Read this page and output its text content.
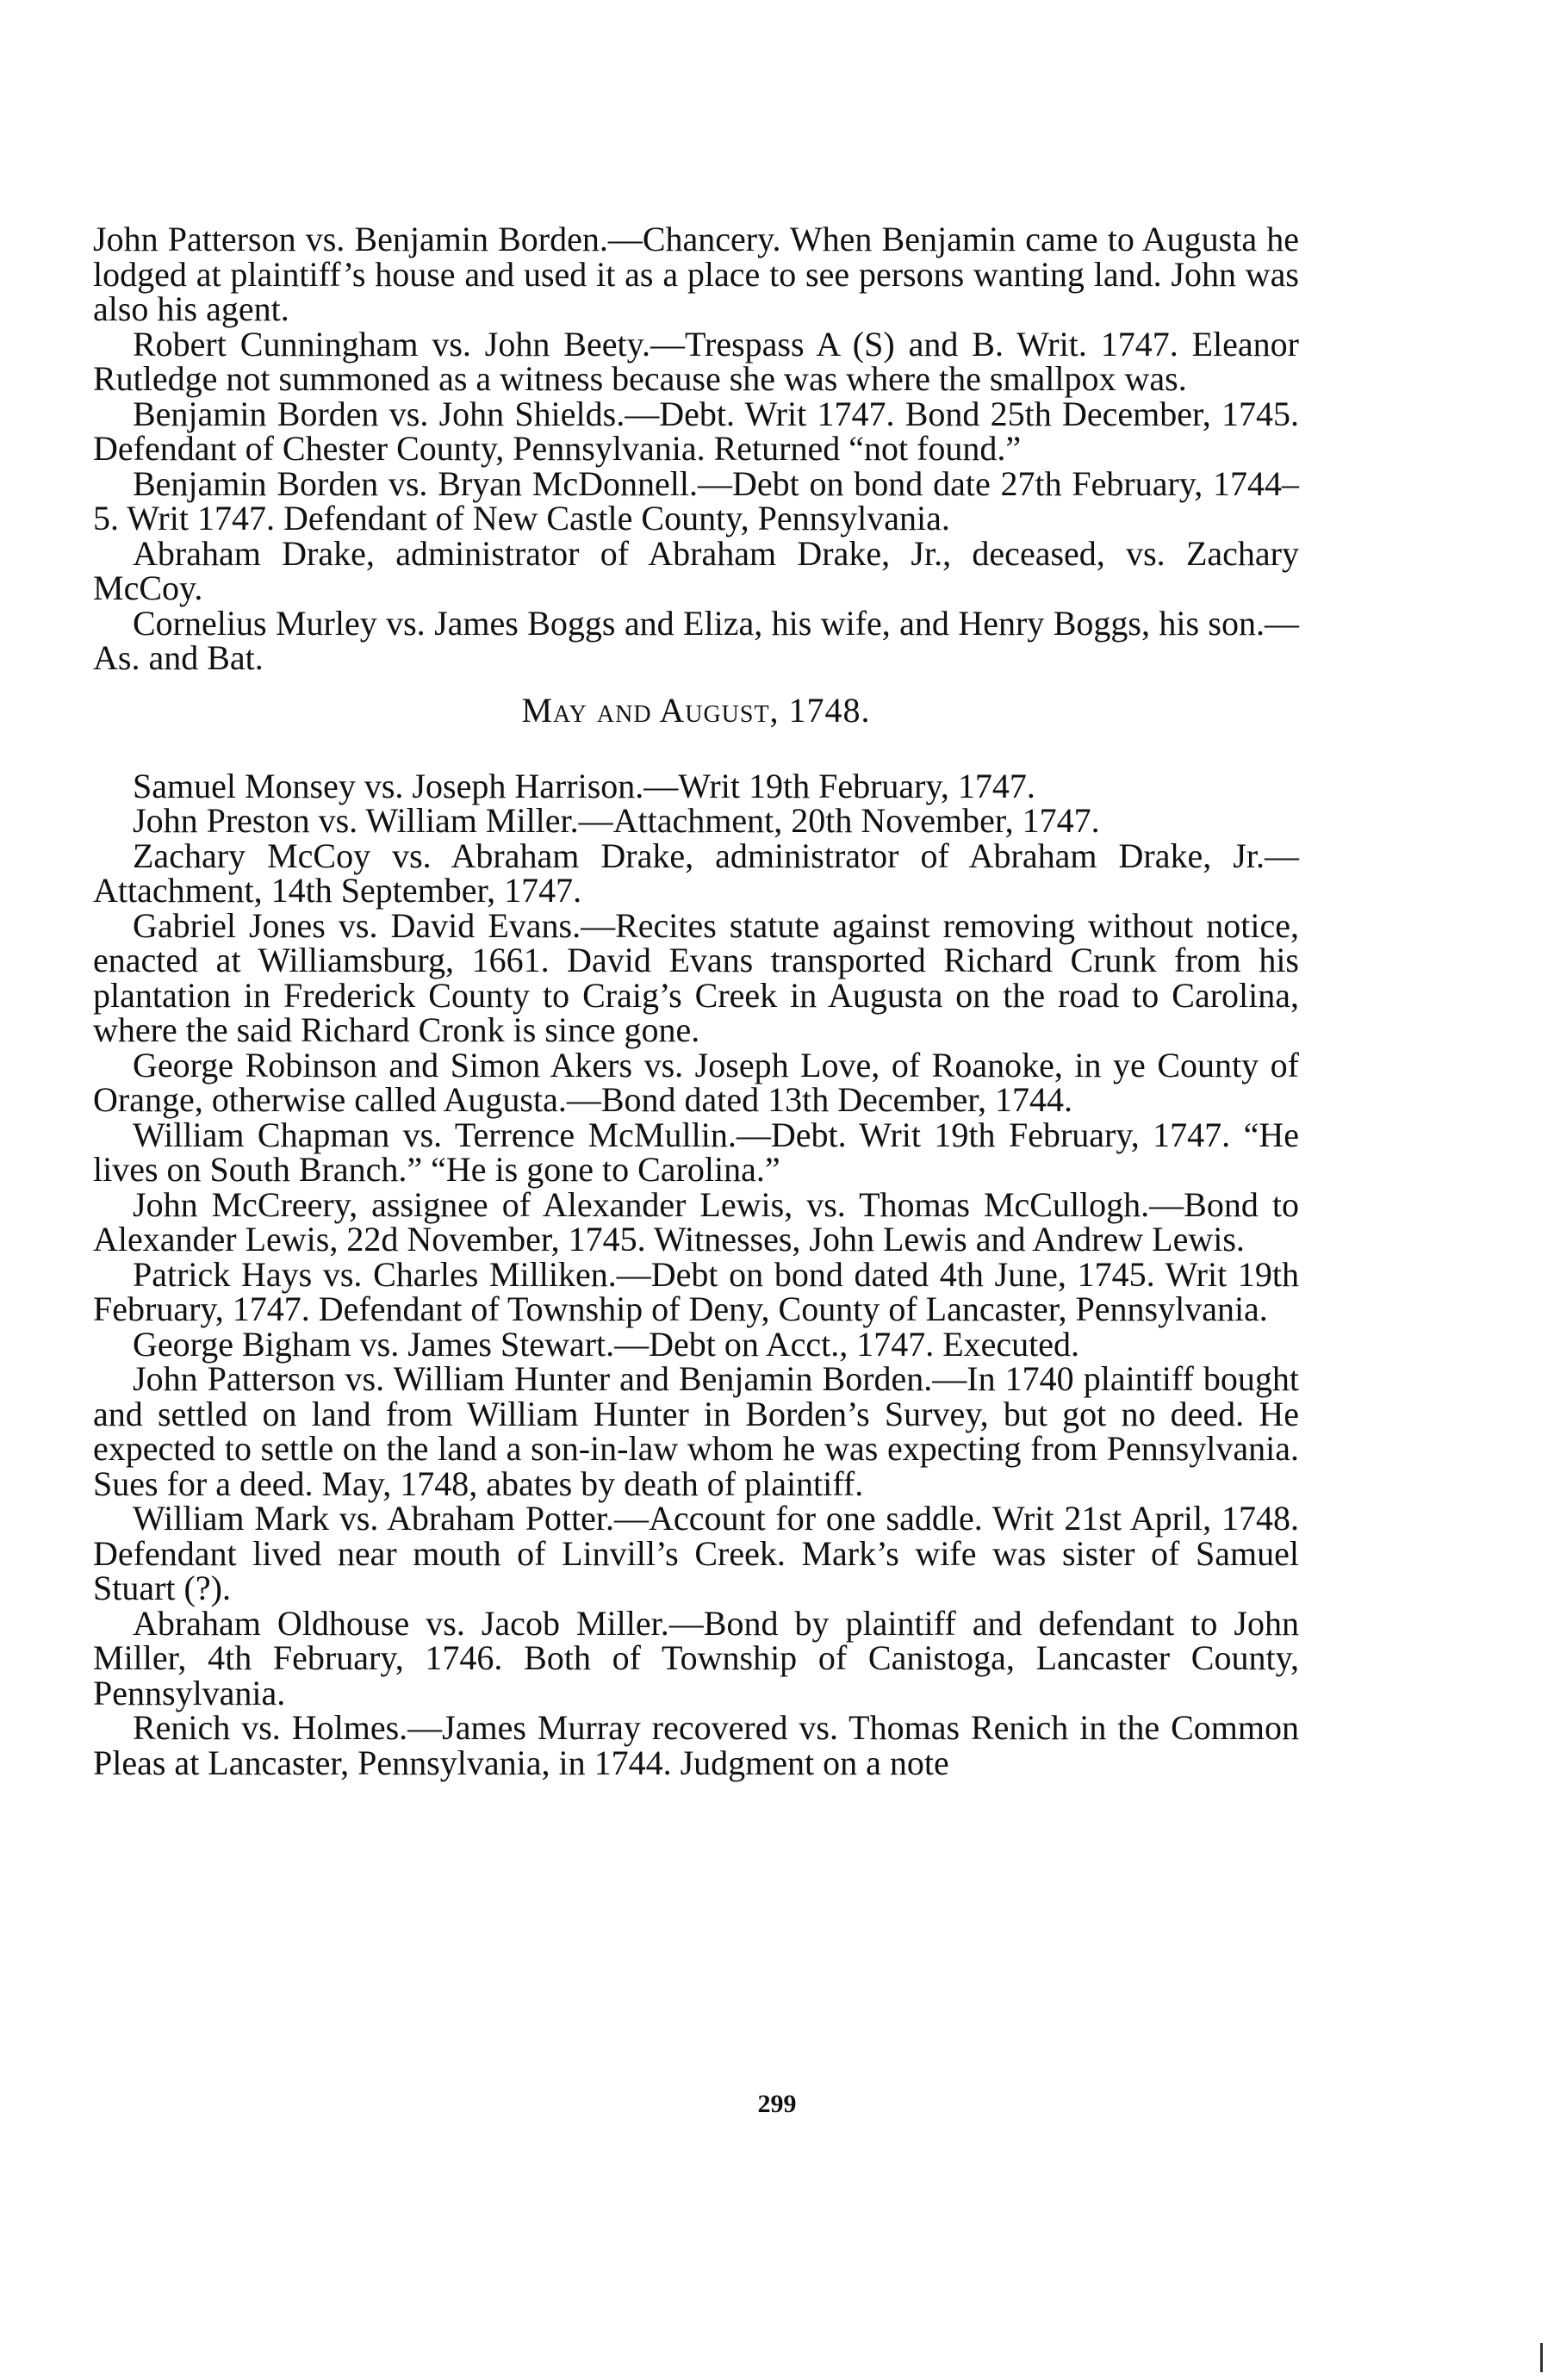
John Patterson vs. Benjamin Borden.—Chancery. When Benjamin came to Augusta he lodged at plaintiff’s house and used it as a place to see persons wanting land. John was also his agent.

Robert Cunningham vs. John Beety.—Trespass A (S) and B. Writ. 1747. Eleanor Rutledge not summoned as a witness because she was where the smallpox was.

Benjamin Borden vs. John Shields.—Debt. Writ 1747. Bond 25th December, 1745. Defendant of Chester County, Pennsylvania. Returned “not found.”

Benjamin Borden vs. Bryan McDonnell.—Debt on bond date 27th February, 1744–5. Writ 1747. Defendant of New Castle County, Pennsylvania.

Abraham Drake, administrator of Abraham Drake, Jr., deceased, vs. Zachary McCoy.

Cornelius Murley vs. James Boggs and Eliza, his wife, and Henry Boggs, his son.—As. and Bat.

May and August, 1748.

Samuel Monsey vs. Joseph Harrison.—Writ 19th February, 1747.

John Preston vs. William Miller.—Attachment, 20th November, 1747.

Zachary McCoy vs. Abraham Drake, administrator of Abraham Drake, Jr.—Attachment, 14th September, 1747.

Gabriel Jones vs. David Evans.—Recites statute against removing without notice, enacted at Williamsburg, 1661. David Evans transported Richard Crunk from his plantation in Frederick County to Craig’s Creek in Augusta on the road to Carolina, where the said Richard Cronk is since gone.

George Robinson and Simon Akers vs. Joseph Love, of Roanoke, in ye County of Orange, otherwise called Augusta.—Bond dated 13th December, 1744.

William Chapman vs. Terrence McMullin.—Debt. Writ 19th February, 1747. “He lives on South Branch.” “He is gone to Carolina.”

John McCreery, assignee of Alexander Lewis, vs. Thomas McCullogh.—Bond to Alexander Lewis, 22d November, 1745. Witnesses, John Lewis and Andrew Lewis.

Patrick Hays vs. Charles Milliken.—Debt on bond dated 4th June, 1745. Writ 19th February, 1747. Defendant of Township of Deny, County of Lancaster, Pennsylvania.

George Bigham vs. James Stewart.—Debt on Acct., 1747. Executed.

John Patterson vs. William Hunter and Benjamin Borden.—In 1740 plaintiff bought and settled on land from William Hunter in Borden’s Survey, but got no deed. He expected to settle on the land a son-in-law whom he was expecting from Pennsylvania. Sues for a deed. May, 1748, abates by death of plaintiff.

William Mark vs. Abraham Potter.—Account for one saddle. Writ 21st April, 1748. Defendant lived near mouth of Linvill’s Creek. Mark’s wife was sister of Samuel Stuart (?).

Abraham Oldhouse vs. Jacob Miller.—Bond by plaintiff and defendant to John Miller, 4th February, 1746. Both of Township of Canistoga, Lancaster County, Pennsylvania.

Renich vs. Holmes.—James Murray recovered vs. Thomas Renich in the Common Pleas at Lancaster, Pennsylvania, in 1744. Judgment on a note

299
